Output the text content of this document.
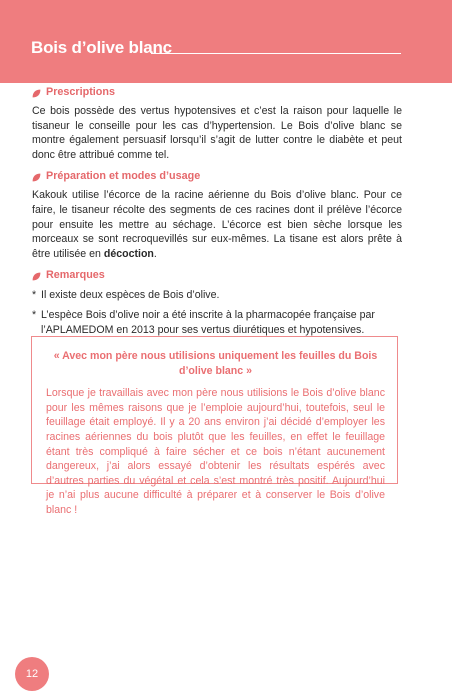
Bois d’olive blanc
Prescriptions

Ce bois possède des vertus hypotensives et c’est la raison pour laquelle le tisaneur le conseille pour les cas d’hypertension. Le Bois d’olive blanc se montre également persuasif lorsqu’il s’agit de lutter contre le diabète et peut donc être attribué comme tel.

Préparation et modes d’usage

Kakouk utilise l’écorce de la racine aérienne du Bois d’olive blanc. Pour ce faire, le tisaneur récolte des segments de ces racines dont il prélève l’écorce pour ensuite les mettre au séchage. L’écorce est bien sèche lorsque les morceaux se sont recroquevillés sur eux-mêmes. La tisane est alors prête à être utilisée en décoction.

Remarques
* Il existe deux espèces de Bois d’olive.
* L’espèce Bois d’olive noir a été inscrite à la pharmacopée française par l’APLAMEDOM en 2013 pour ses vertus diurétiques et hypotensives.
« Avec mon père nous utilisions uniquement les feuilles du Bois d’olive blanc »
Lorsque je travaillais avec mon père nous utilisions le Bois d’olive blanc pour les mêmes raisons que je l’emploie aujourd’hui, toutefois, seul le feuillage était employé. Il y a 20 ans environ j’ai décidé d’employer les racines aériennes du bois plutôt que les feuilles, en effet le feuillage étant très compliqué à faire sécher et ce bois n’étant aucunement dangereux, j’ai alors essayé d’obtenir les résultats espérés avec d’autres parties du végétal et cela s’est montré très positif. Aujourd’hui je n’ai plus aucune difficulté à préparer et à conserver le Bois d’olive blanc !
12
